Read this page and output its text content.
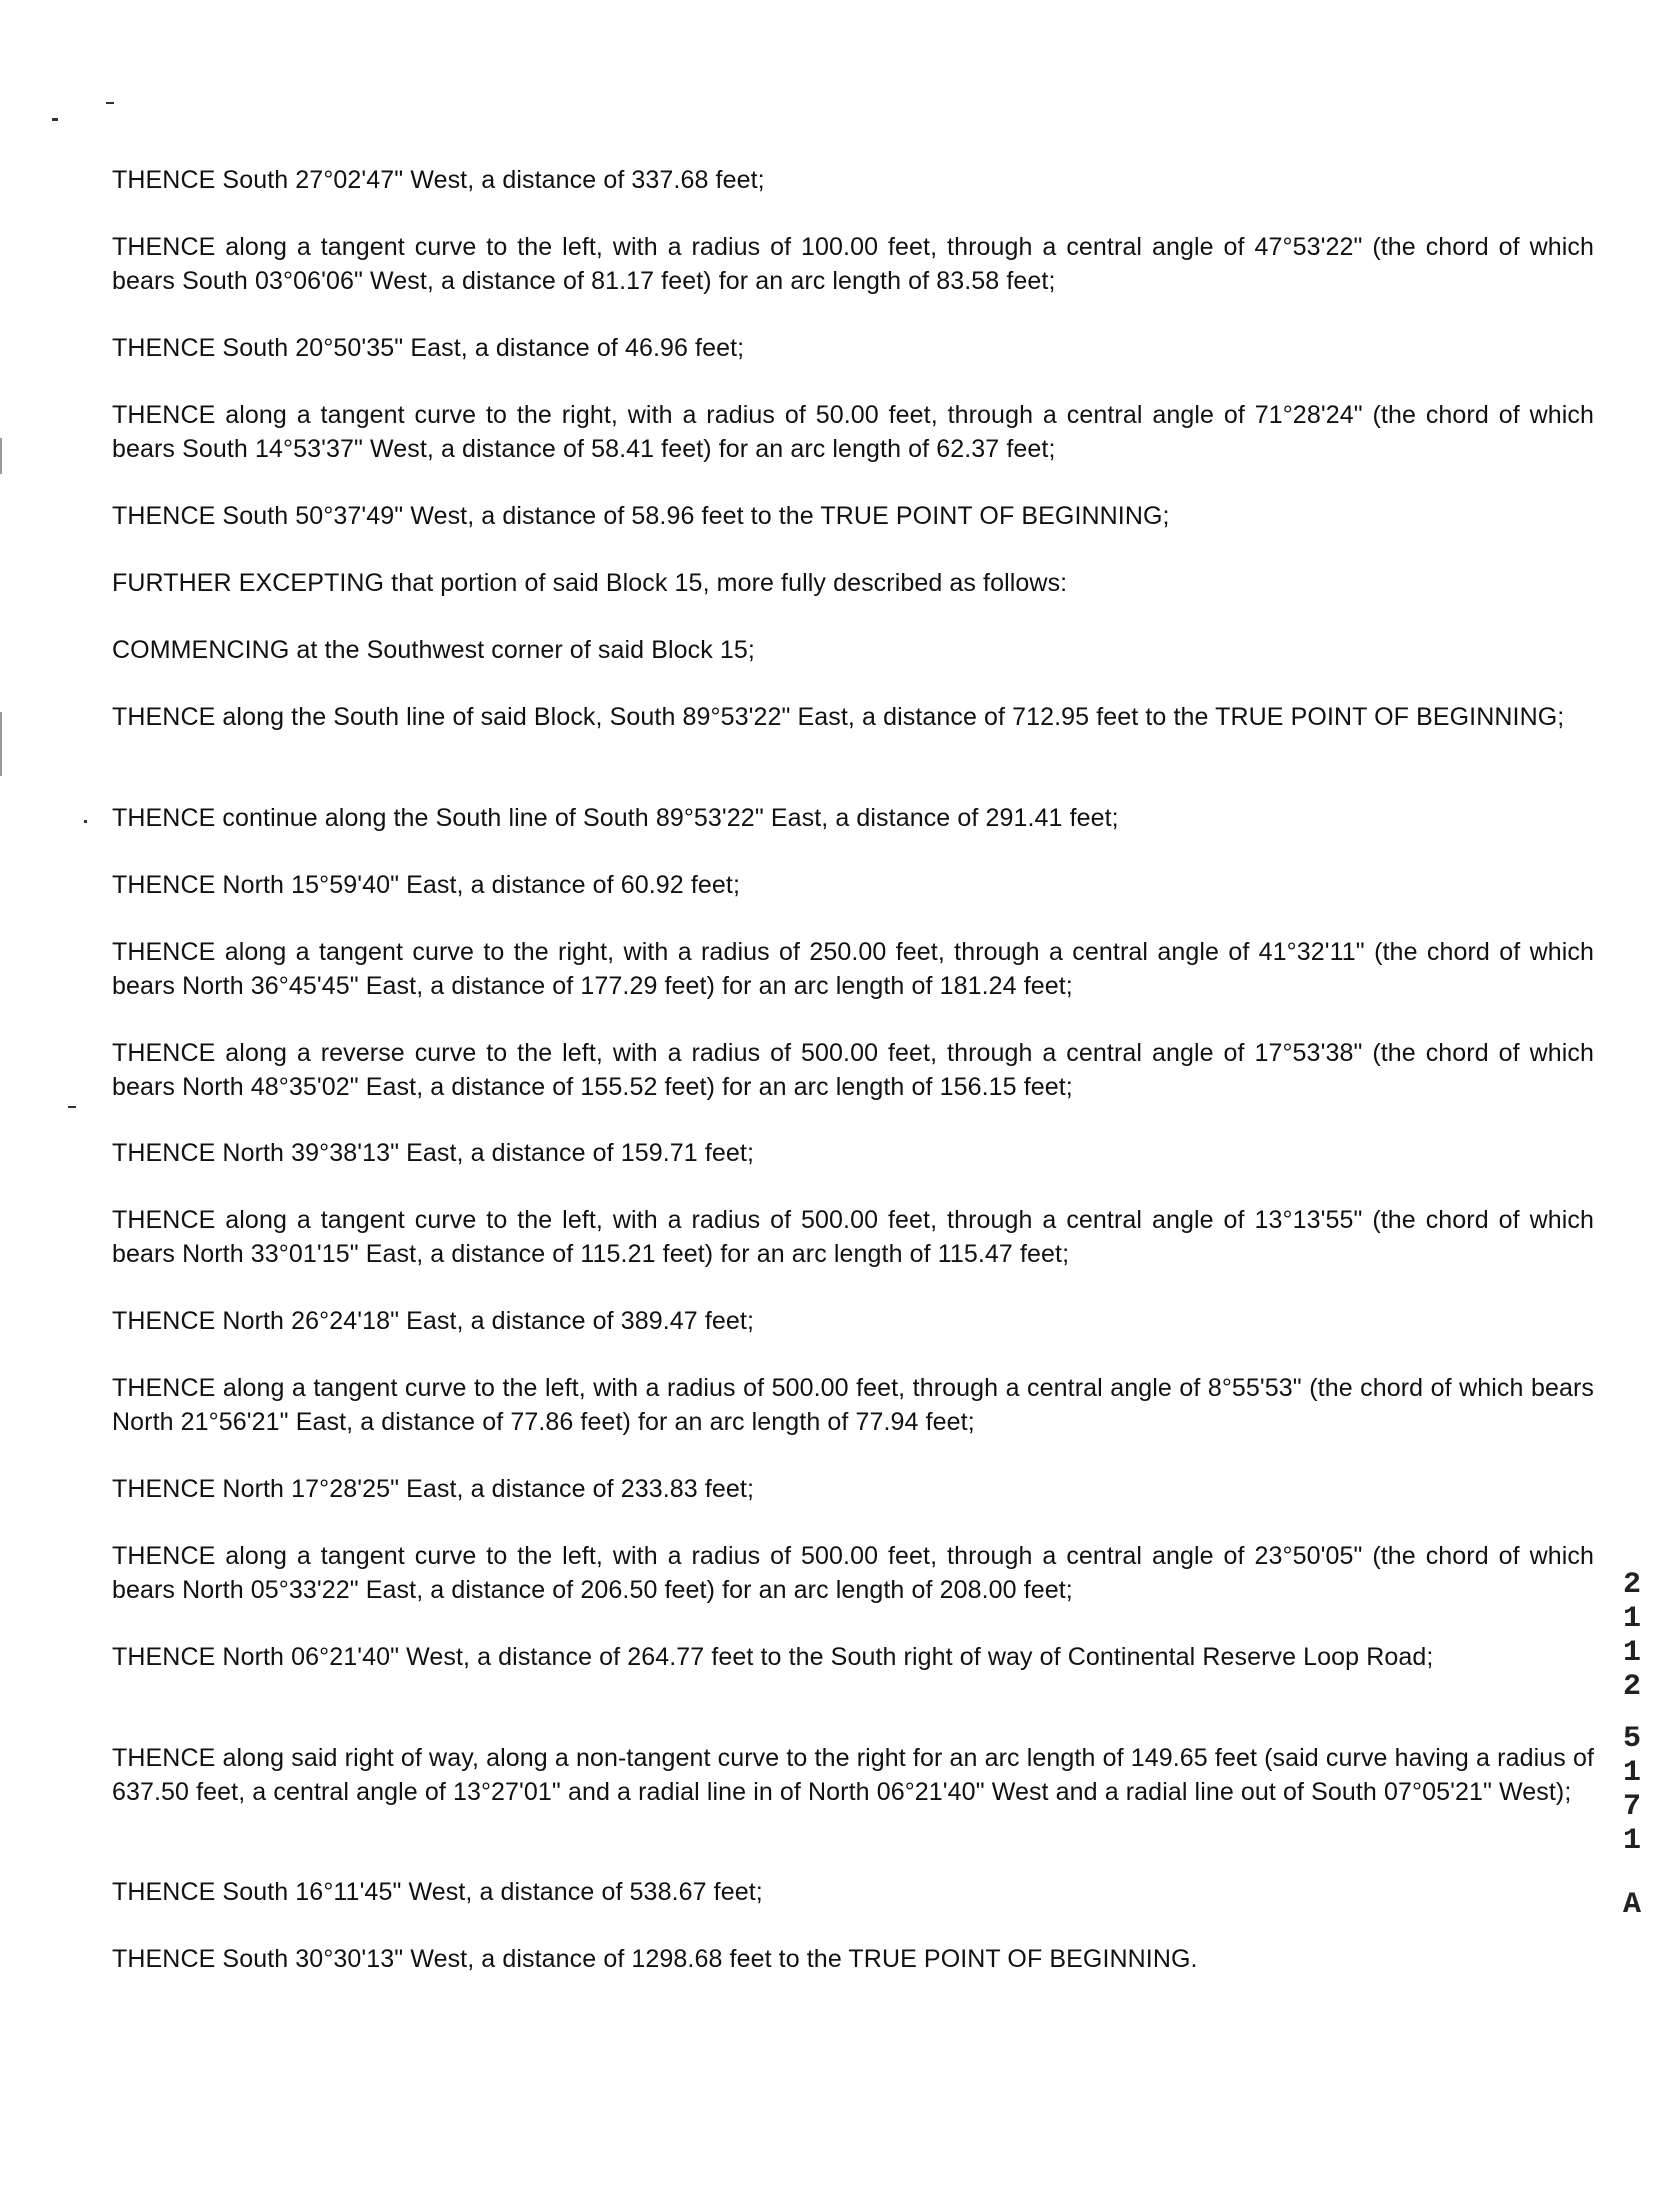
THENCE South 27°02'47" West, a distance of 337.68 feet;

THENCE along a tangent curve to the left, with a radius of 100.00 feet, through a central angle of 47°53'22" (the chord of which bears South 03°06'06" West, a distance of 81.17 feet) for an arc length of 83.58 feet;

THENCE South 20°50'35" East, a distance of 46.96 feet;

THENCE along a tangent curve to the right, with a radius of 50.00 feet, through a central angle of 71°28'24" (the chord of which bears South 14°53'37" West, a distance of 58.41 feet) for an arc length of 62.37 feet;

THENCE South 50°37'49" West, a distance of 58.96 feet to the TRUE POINT OF BEGINNING;

FURTHER EXCEPTING that portion of said Block 15, more fully described as follows:

COMMENCING at the Southwest corner of said Block 15;

THENCE along the South line of said Block, South 89°53'22" East, a distance of 712.95 feet to the TRUE POINT OF BEGINNING;

THENCE continue along the South line of South 89°53'22" East, a distance of 291.41 feet;

THENCE North 15°59'40" East, a distance of 60.92 feet;

THENCE along a tangent curve to the right, with a radius of 250.00 feet, through a central angle of 41°32'11" (the chord of which bears North 36°45'45" East, a distance of 177.29 feet) for an arc length of 181.24 feet;

THENCE along a reverse curve to the left, with a radius of 500.00 feet, through a central angle of 17°53'38" (the chord of which bears North 48°35'02" East, a distance of 155.52 feet) for an arc length of 156.15 feet;

THENCE North 39°38'13" East, a distance of 159.71 feet;

THENCE along a tangent curve to the left, with a radius of 500.00 feet, through a central angle of 13°13'55" (the chord of which bears North 33°01'15" East, a distance of 115.21 feet) for an arc length of 115.47 feet;

THENCE North 26°24'18" East, a distance of 389.47 feet;

THENCE along a tangent curve to the left, with a radius of 500.00 feet, through a central angle of 8°55'53" (the chord of which bears North 21°56'21" East, a distance of 77.86 feet) for an arc length of 77.94 feet;

THENCE North 17°28'25" East, a distance of 233.83 feet;

THENCE along a tangent curve to the left, with a radius of 500.00 feet, through a central angle of 23°50'05" (the chord of which bears North 05°33'22" East, a distance of 206.50 feet) for an arc length of 208.00 feet;

THENCE North 06°21'40" West, a distance of 264.77 feet to the South right of way of Continental Reserve Loop Road;

THENCE along said right of way, along a non-tangent curve to the right for an arc length of 149.65 feet (said curve having a radius of 637.50 feet, a central angle of 13°27'01" and a radial line in of North 06°21'40" West and a radial line out of South 07°05'21" West);

THENCE South 16°11'45" West, a distance of 538.67 feet;

THENCE South 30°30'13" West, a distance of 1298.68 feet to the TRUE POINT OF BEGINNING.

2
1
1
2
5
1
7
1
A
